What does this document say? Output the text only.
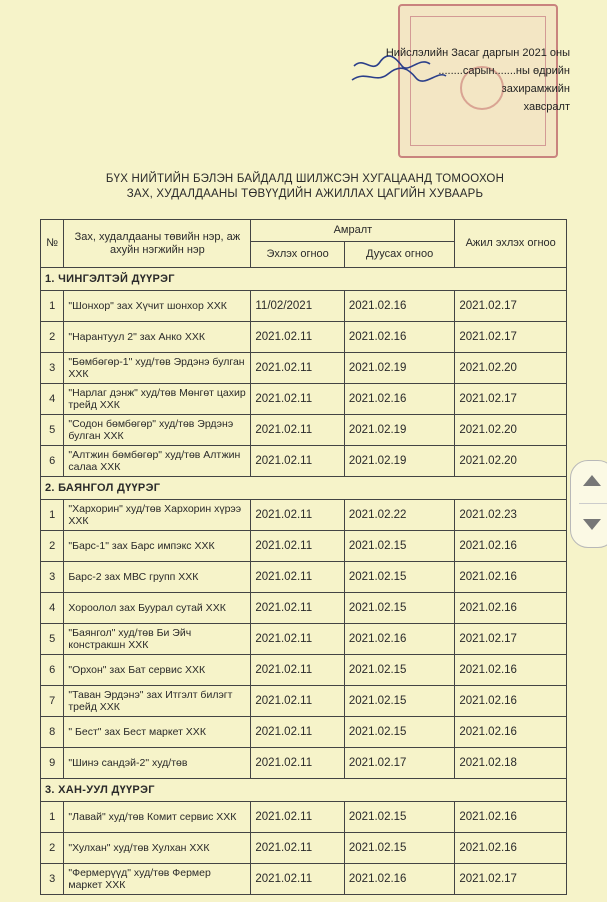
Нийслэлийн Засаг даргын 2021 оны
........сарын.......ны өдрийн
захирамжийн
хавсралт
БҮХ НИЙТИЙН БЭЛЭН БАЙДАЛД ШИЛЖСЭН ХУГАЦААНД ТОМООХОН
ЗАХ, ХУДАЛДААНЫ ТӨВҮҮДИЙН АЖИЛЛАХ ЦАГИЙН ХУВААРЬ
№	Зах, худалдааны төвийн нэр, аж ахуйн нэгжийн нэр	Амралт		Ажил эхлэх огноо
		Эхлэх огноо	Дуусах огноо	
1. ЧИНГЭЛТЭЙ ДҮҮРЭГ				
1	"Шонхор" зах Хүчит шонхор ХХК	11/02/2021	2021.02.16	2021.02.17
2	"Нарантуул 2" зах Анко ХХК	2021.02.11	2021.02.16	2021.02.17
3	"Бөмбөгөр-1" худ/төв Эрдэнэ булган ХХК	2021.02.11	2021.02.19	2021.02.20
4	"Нарлаг дэнж" худ/төв Мөнгөт цахир трейд ХХК	2021.02.11	2021.02.16	2021.02.17
5	"Содон бөмбөгөр" худ/төв Эрдэнэ булган ХХК	2021.02.11	2021.02.19	2021.02.20
6	"Алтжин бөмбөгөр" худ/төв Алтжин салаа ХХК	2021.02.11	2021.02.19	2021.02.20
2. БАЯНГОЛ ДҮҮРЭГ				
1	"Хархорин" худ/төв Хархорин хүрээ ХХК	2021.02.11	2021.02.22	2021.02.23
2	"Барс-1" зах Барс импэкс ХХК	2021.02.11	2021.02.15	2021.02.16
3	Барс-2 зах МВС групп ХХК	2021.02.11	2021.02.15	2021.02.16
4	Хороолол зах Буурал сутай ХХК	2021.02.11	2021.02.15	2021.02.16
5	"Баянгол" худ/төв Би Эйч констракшн ХХК	2021.02.11	2021.02.16	2021.02.17
6	"Орхон" зах Бат сервис ХХК	2021.02.11	2021.02.15	2021.02.16
7	"Таван Эрдэнэ" зах Итгэлт билэгт трейд ХХК	2021.02.11	2021.02.15	2021.02.16
8	" Бест" зах Бест маркет ХХК	2021.02.11	2021.02.15	2021.02.16
9	"Шинэ сандэй-2" худ/төв	2021.02.11	2021.02.17	2021.02.18
3. ХАН-УУЛ ДҮҮРЭГ				
1	"Лавай" худ/төв Комит сервис ХХК	2021.02.11	2021.02.15	2021.02.16
2	"Хулхан" худ/төв Хулхан ХХК	2021.02.11	2021.02.15	2021.02.16
3	"Фермерүүд" худ/төв Фермер маркет ХХК	2021.02.11	2021.02.16	2021.02.17
